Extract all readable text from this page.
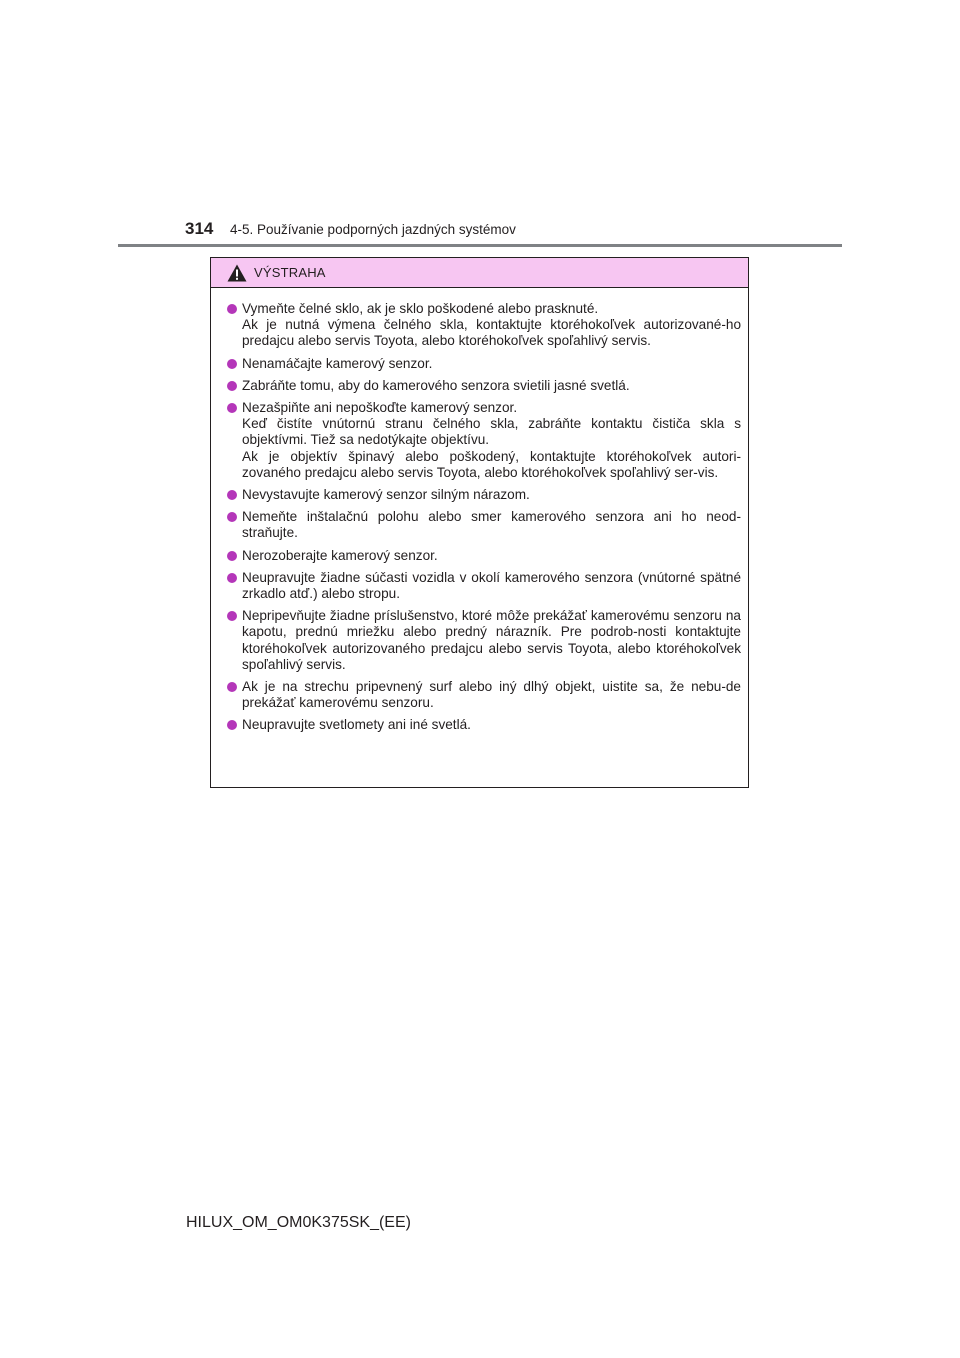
314 4-5. Používanie podporných jazdných systémov
VÝSTRAHA
Vymeňte čelné sklo, ak je sklo poškodené alebo prasknuté.
Ak je nutná výmena čelného skla, kontaktujte ktoréhokoľvek autorizované-ho predajcu alebo servis Toyota, alebo ktoréhokoľvek spoľahlivý servis.
Nenamáčajte kamerový senzor.
Zabráňte tomu, aby do kamerového senzora svietili jasné svetlá.
Nezašpiňte ani nepoškoďte kamerový senzor.
Keď čistíte vnútornú stranu čelného skla, zabráňte kontaktu čističa skla s objektívmi. Tiež sa nedotýkajte objektívu.
Ak je objektív špinavý alebo poškodený, kontaktujte ktoréhokoľvek autori-zovaného predajcu alebo servis Toyota, alebo ktoréhokoľvek spoľahlivý ser-vis.
Nevystavujte kamerový senzor silným nárazom.
Nemeňte inštalačnú polohu alebo smer kamerového senzora ani ho neod-straňujte.
Nerozoberajte kamerový senzor.
Neupravujte žiadne súčasti vozidla v okolí kamerového senzora (vnútorné spätné zrkadlo atď.) alebo stropu.
Nepripevňujte žiadne príslušenstvo, ktoré môže prekážať kamerovému senzoru na kapotu, prednú mriežku alebo predný nárazník. Pre podrob-nosti kontaktujte ktoréhokoľvek autorizovaného predajcu alebo servis Toyota, alebo ktoréhokoľvek spoľahlivý servis.
Ak je na strechu pripevnený surf alebo iný dlhý objekt, uistite sa, že nebu-de prekážať kamerovému senzoru.
Neupravujte svetlomety ani iné svetlá.
HILUX_OM_OM0K375SK_(EE)
